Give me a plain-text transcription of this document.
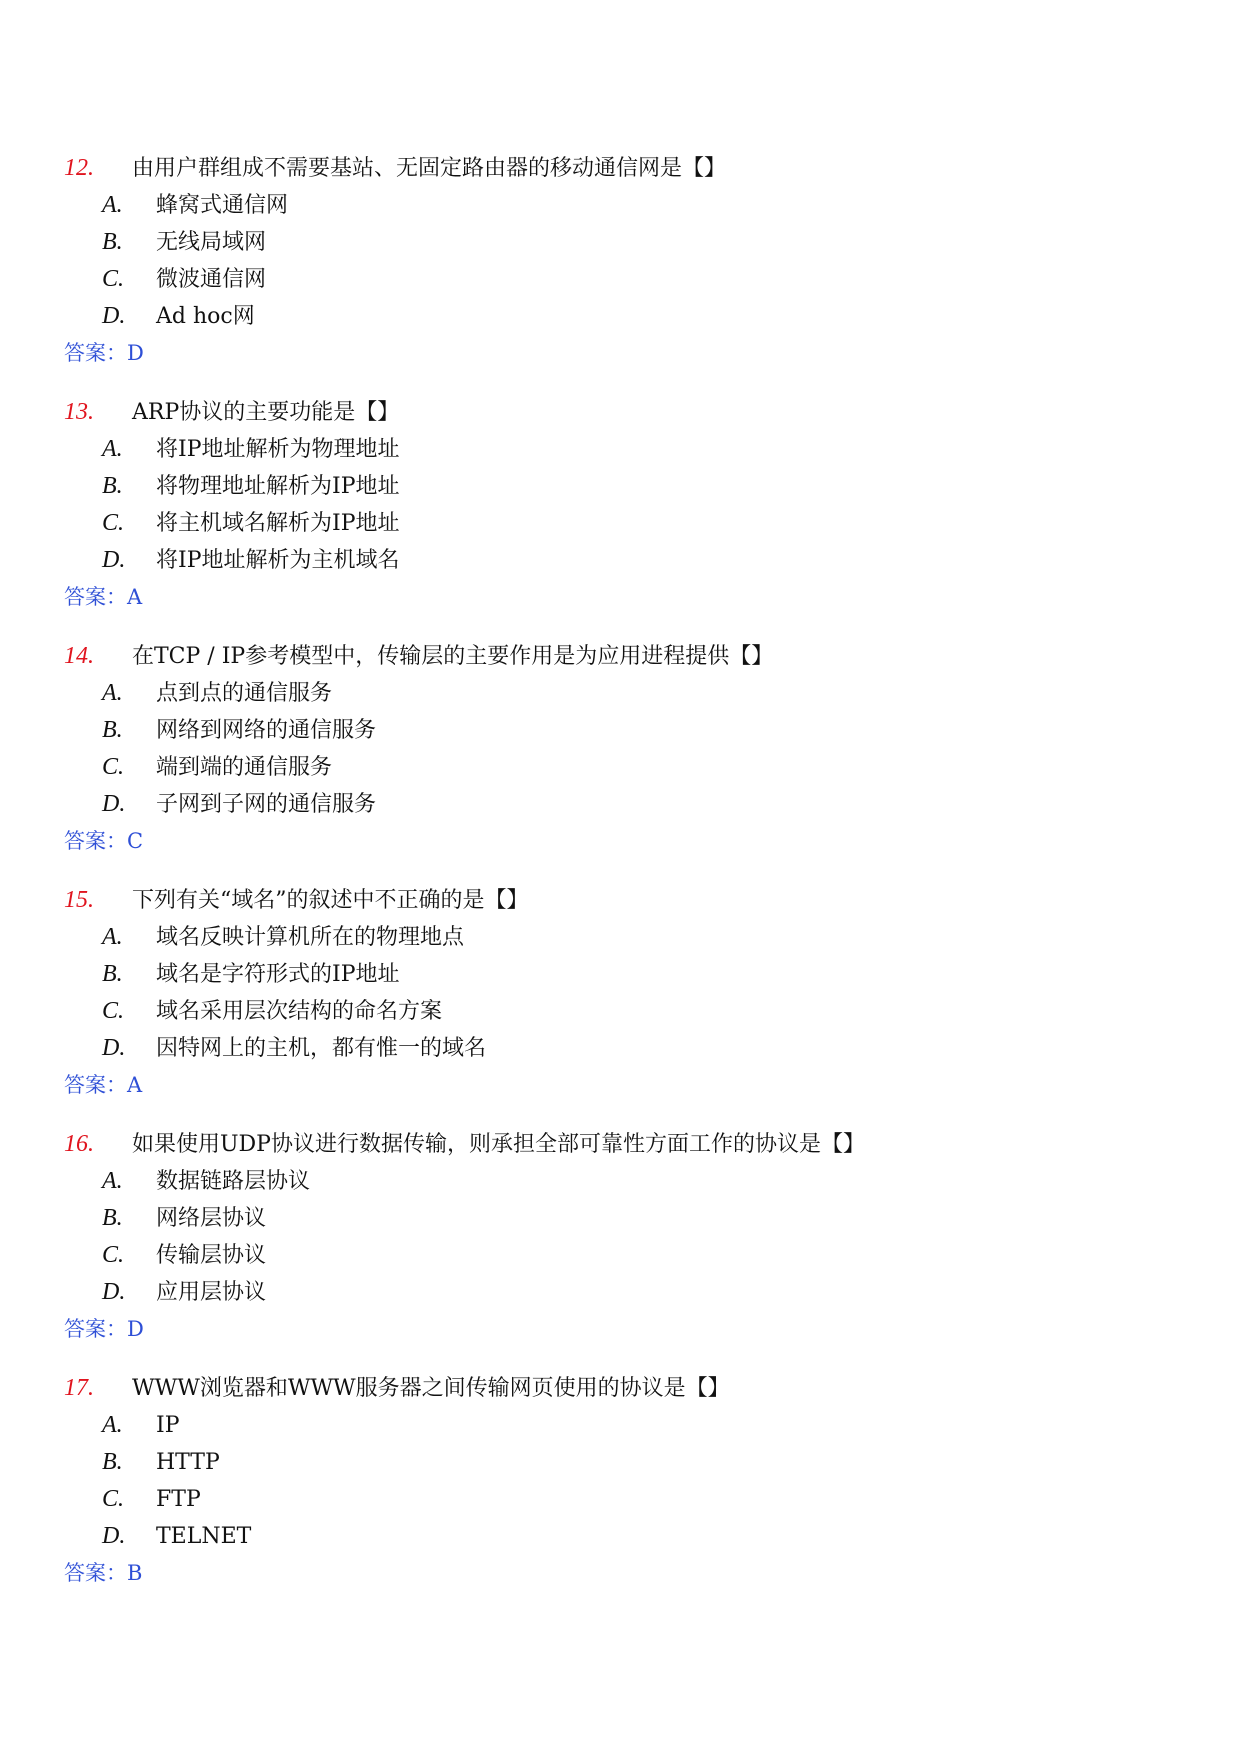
12. 由用户群组成不需要基站、无固定路由器的移动通信网是【】
A. 蜂窝式通信网
B. 无线局域网
C. 微波通信网
D. Ad hoc网
答案：D
13. ARP协议的主要功能是【】
A. 将IP地址解析为物理地址
B. 将物理地址解析为IP地址
C. 将主机域名解析为IP地址
D. 将IP地址解析为主机域名
答案：A
14. 在TCP / IP参考模型中，传输层的主要作用是为应用进程提供【】
A. 点到点的通信服务
B. 网络到网络的通信服务
C. 端到端的通信服务
D. 子网到子网的通信服务
答案：C
15. 下列有关“域名”的叙述中不正确的是【】
A. 域名反映计算机所在的物理地点
B. 域名是字符形式的IP地址
C. 域名采用层次结构的命名方案
D. 因特网上的主机，都有惟一的域名
答案：A
16. 如果使用UDP协议进行数据传输，则承担全部可靠性方面工作的协议是【】
A. 数据链路层协议
B. 网络层协议
C. 传输层协议
D. 应用层协议
答案：D
17. WWW浏览器和WWW服务器之间传输网页使用的协议是【】
A. IP
B. HTTP
C. FTP
D. TELNET
答案：B
